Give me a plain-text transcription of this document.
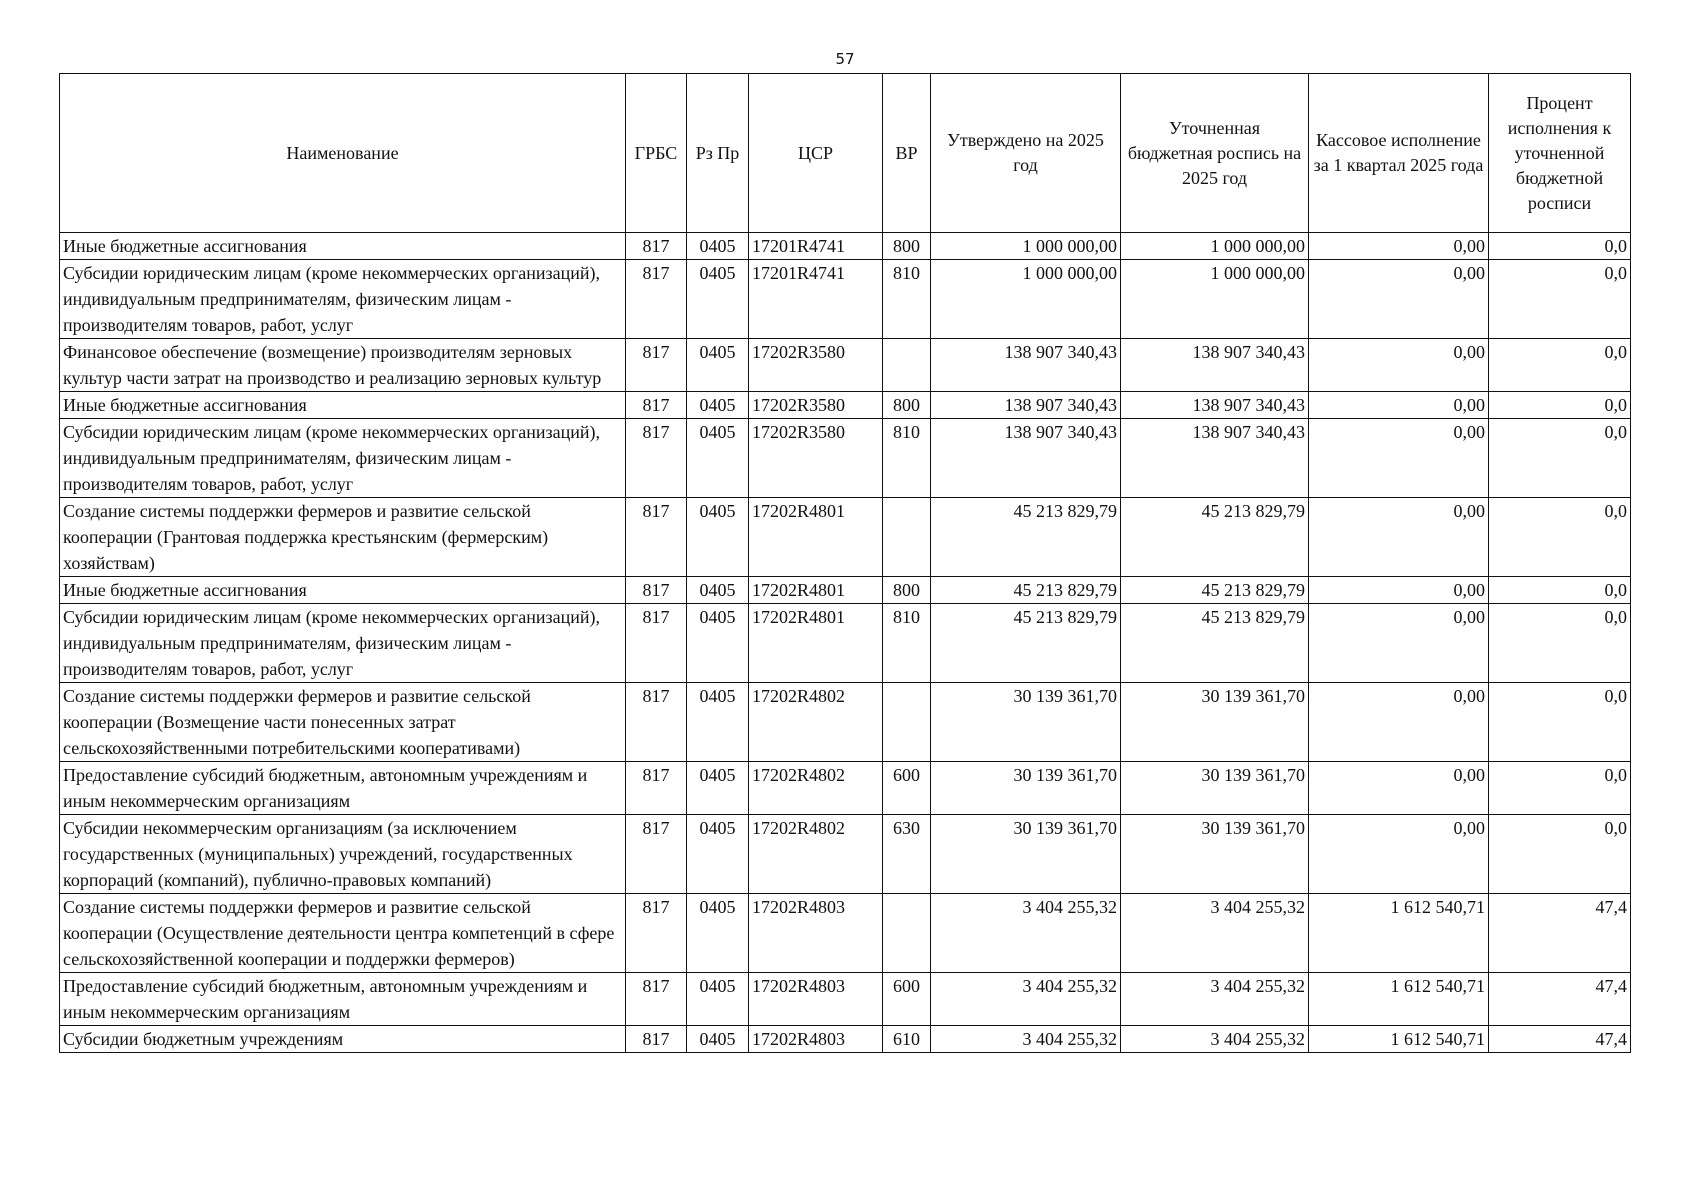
57
Наименование	ГРБС	Рз Пр	ЦСР	ВР	Утверждено на 2025 год	Уточненная бюджетная роспись на 2025 год	Кассовое исполнение за 1 квартал 2025 года	Процент исполнения к уточненной бюджетной росписи
Иные бюджетные ассигнования	817	0405	17201R4741	800	1 000 000,00	1 000 000,00	0,00	0,0
Субсидии юридическим лицам (кроме некоммерческих организаций), индивидуальным предпринимателям, физическим лицам - производителям товаров, работ, услуг	817	0405	17201R4741	810	1 000 000,00	1 000 000,00	0,00	0,0
Финансовое обеспечение (возмещение) производителям зерновых культур части затрат на производство и реализацию зерновых культур	817	0405	17202R3580		138 907 340,43	138 907 340,43	0,00	0,0
Иные бюджетные ассигнования	817	0405	17202R3580	800	138 907 340,43	138 907 340,43	0,00	0,0
Субсидии юридическим лицам (кроме некоммерческих организаций), индивидуальным предпринимателям, физическим лицам - производителям товаров, работ, услуг	817	0405	17202R3580	810	138 907 340,43	138 907 340,43	0,00	0,0
Создание системы поддержки фермеров и развитие сельской кооперации (Грантовая поддержка крестьянским (фермерским) хозяйствам)	817	0405	17202R4801		45 213 829,79	45 213 829,79	0,00	0,0
Иные бюджетные ассигнования	817	0405	17202R4801	800	45 213 829,79	45 213 829,79	0,00	0,0
Субсидии юридическим лицам (кроме некоммерческих организаций), индивидуальным предпринимателям, физическим лицам - производителям товаров, работ, услуг	817	0405	17202R4801	810	45 213 829,79	45 213 829,79	0,00	0,0
Создание системы поддержки фермеров и развитие сельской кооперации (Возмещение части понесенных затрат сельскохозяйственными потребительскими кооперативами)	817	0405	17202R4802		30 139 361,70	30 139 361,70	0,00	0,0
Предоставление субсидий бюджетным, автономным учреждениям и иным некоммерческим организациям	817	0405	17202R4802	600	30 139 361,70	30 139 361,70	0,00	0,0
Субсидии некоммерческим организациям (за исключением государственных (муниципальных) учреждений, государственных корпораций (компаний), публично-правовых компаний)	817	0405	17202R4802	630	30 139 361,70	30 139 361,70	0,00	0,0
Создание системы поддержки фермеров и развитие сельской кооперации (Осуществление деятельности центра компетенций в сфере сельскохозяйственной кооперации и поддержки фермеров)	817	0405	17202R4803		3 404 255,32	3 404 255,32	1 612 540,71	47,4
Предоставление субсидий бюджетным, автономным учреждениям и иным некоммерческим организациям	817	0405	17202R4803	600	3 404 255,32	3 404 255,32	1 612 540,71	47,4
Субсидии бюджетным учреждениям	817	0405	17202R4803	610	3 404 255,32	3 404 255,32	1 612 540,71	47,4
